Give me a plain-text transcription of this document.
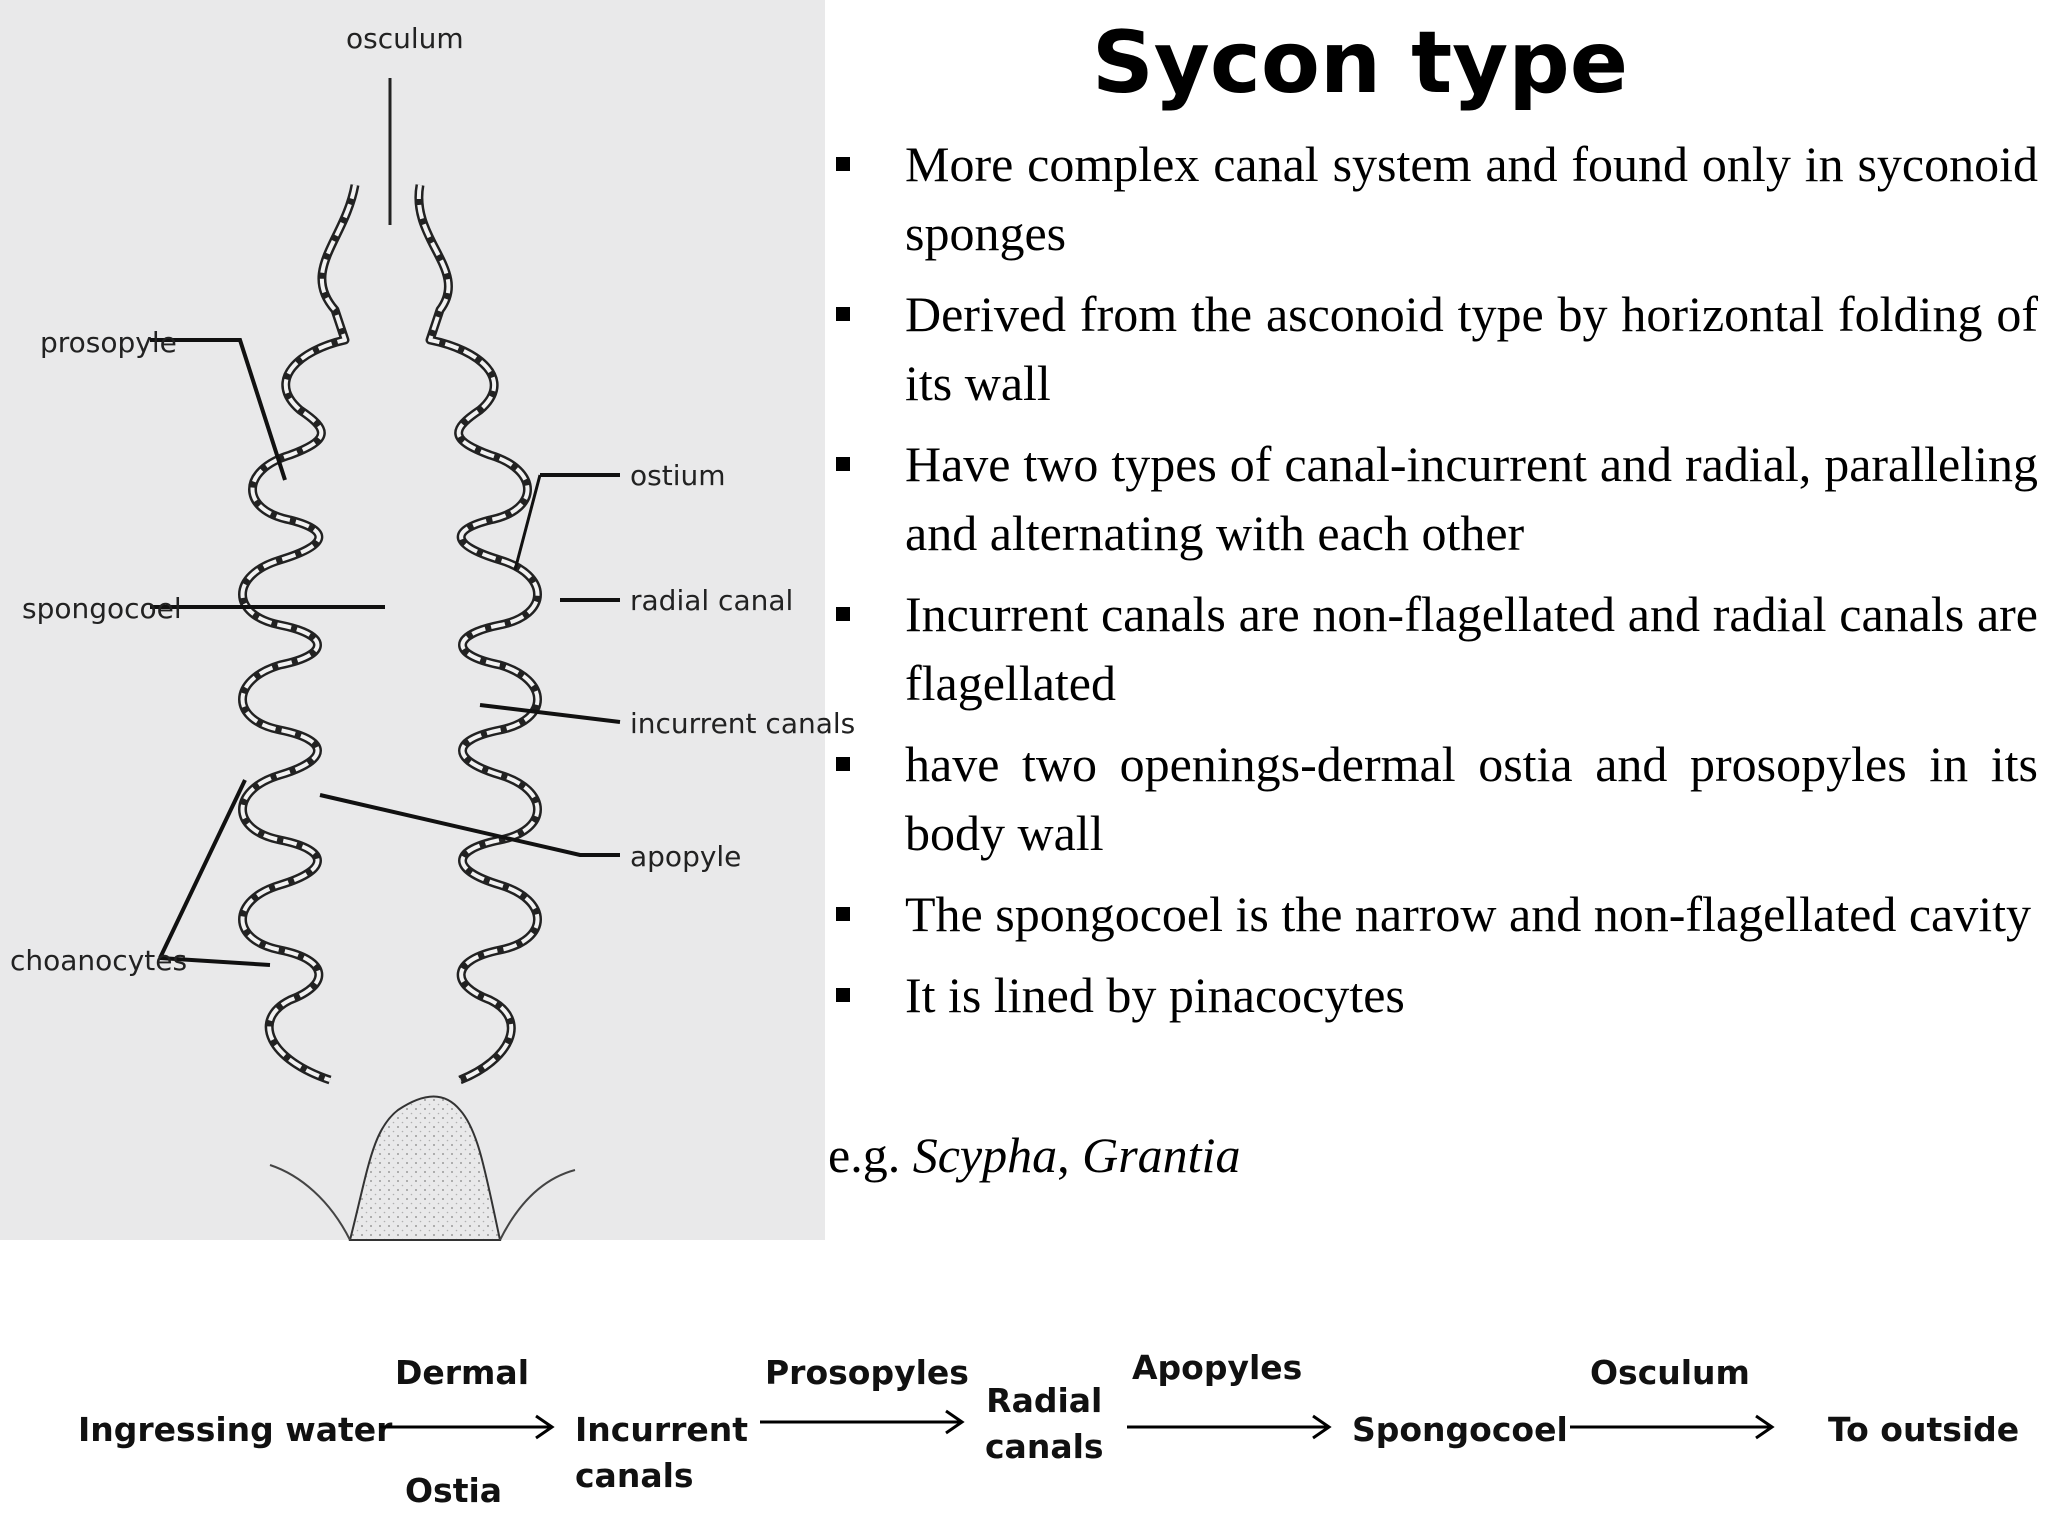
osculum
prosopyle
ostium
spongocoel	radial canal
incurrent canals
apopyle
choanocytes
Sycon type
More complex canal system and found only in syconoid sponges
Derived from the asconoid type by horizontal folding of its wall
Have two types of canal-incurrent and radial, paralleling and alternating with each other
Incurrent canals are non-flagellated and radial canals are flagellated
have two openings-dermal ostia and prosopyles in its body wall
The spongocoel is the narrow and non-flagellated cavity
It is lined by pinacocytes
e.g. Scypha, Grantia
Ingressing water
Dermal
Ostia
Incurrent
canals
Prosopyles
Radial
canals
Apopyles
Spongocoel
Osculum
To outside
